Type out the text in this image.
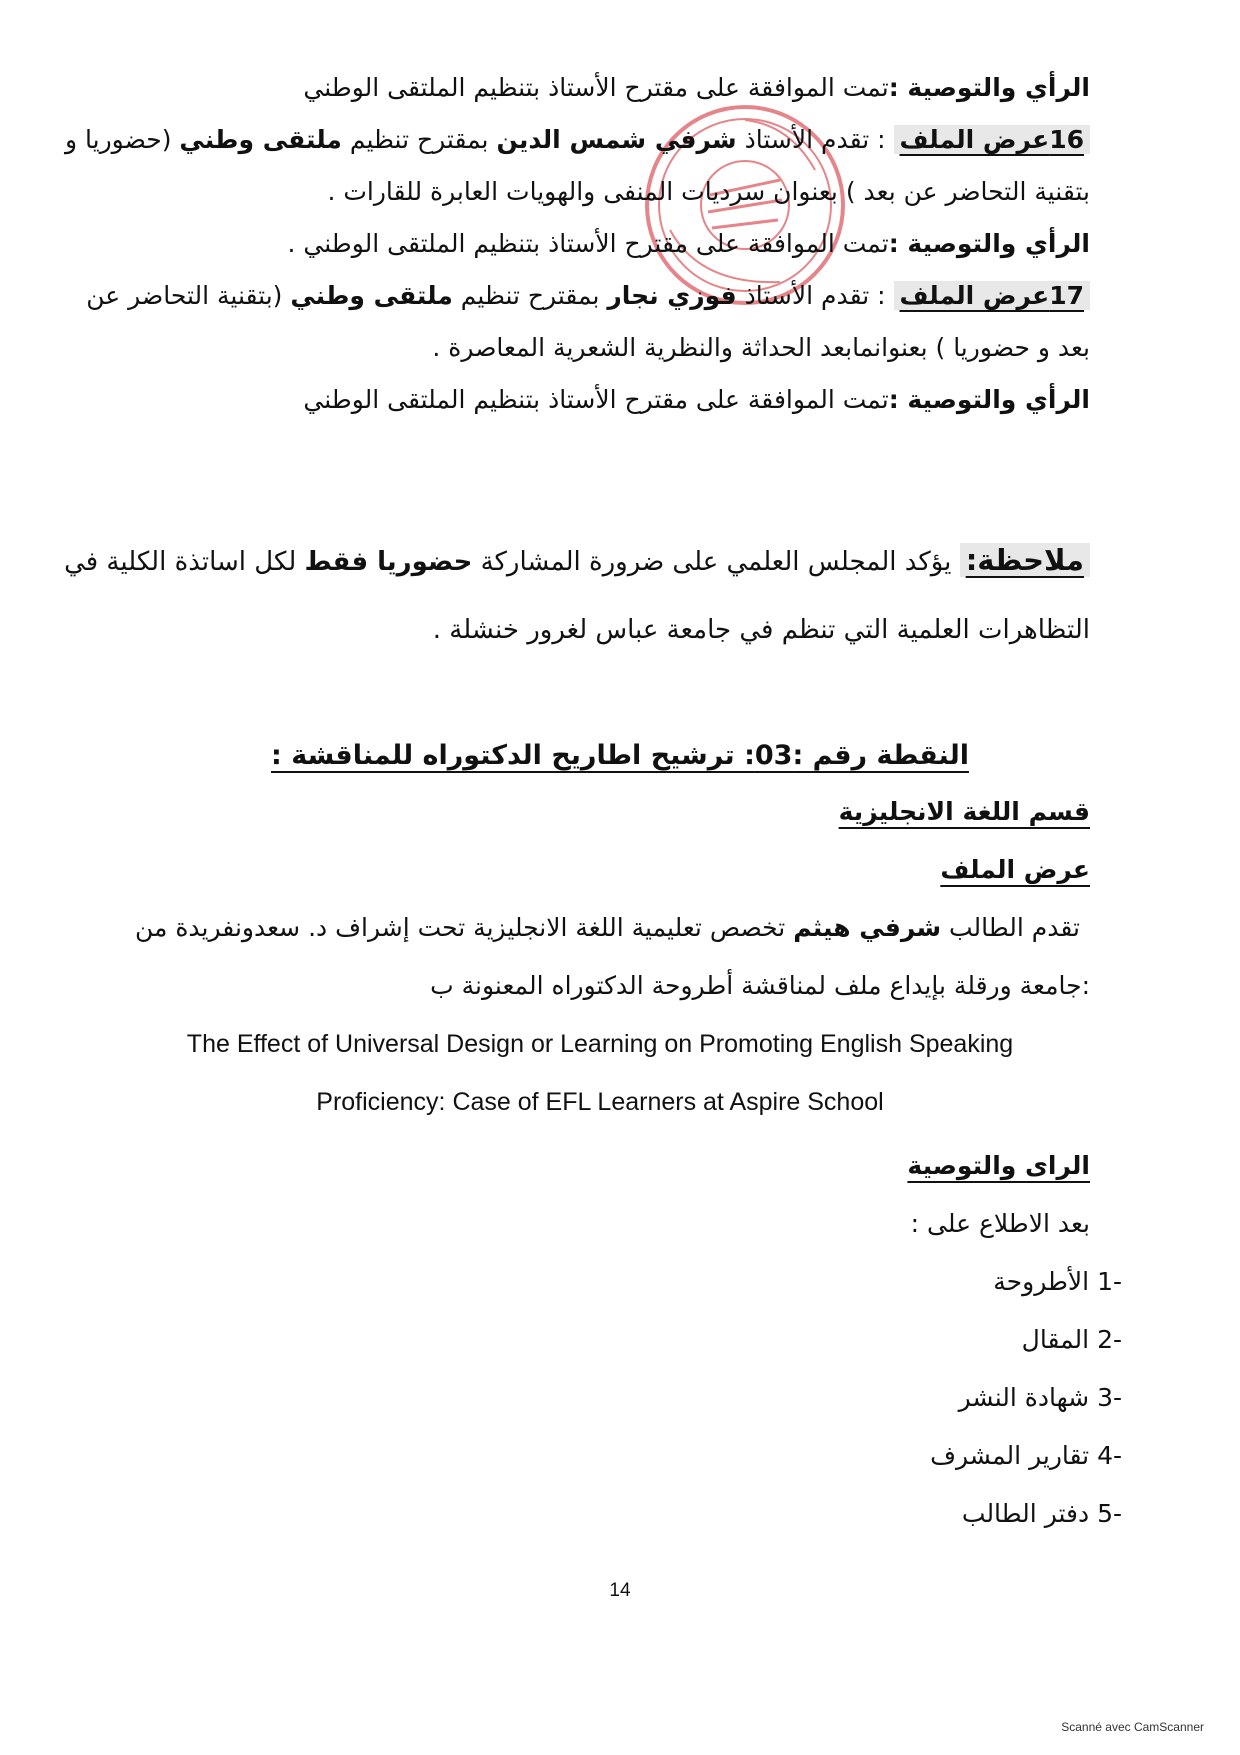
الرأي والتوصية :تمت الموافقة على مقترح الأستاذ بتنظيم الملتقى الوطني
16عرض الملف : تقدم الأستاذ شرفي شمس الدين بمقترح تنظيم ملتقى وطني (حضوريا و
بتقنية التحاضر عن بعد ) بعنوان سرديات المنفى والهويات العابرة للقارات .
الرأي والتوصية :تمت الموافقة على مقترح الأستاذ بتنظيم الملتقى الوطني .
17عرض الملف : تقدم الأستاذ فوزي نجار بمقترح تنظيم ملتقى وطني (بتقنية التحاضر عن
بعد و حضوريا ) بعنوانمابعد الحداثة والنظرية الشعرية المعاصرة .
الرأي والتوصية :تمت الموافقة على مقترح الأستاذ بتنظيم الملتقى الوطني
ملاحظة: يؤكد المجلس العلمي على ضرورة المشاركة حضوريا فقط لكل اساتذة الكلية في
التظاهرات العلمية التي تنظم في جامعة عباس لغرور خنشلة .
النقطة رقم :03: ترشيح اطاريح الدكتوراه للمناقشة :
قسم اللغة الانجليزية
عرض الملف
تقدم الطالب شرفي هيثم تخصص تعليمية اللغة الانجليزية تحت إشراف د. سعدونفريدة من
:جامعة ورقلة بإيداع ملف لمناقشة أطروحة الدكتوراه المعنونة ب
The Effect of Universal Design or Learning on Promoting English Speaking
Proficiency: Case of EFL Learners at Aspire School
الراى والتوصية
بعد الاطلاع على :
-1 الأطروحة
-2 المقال
-3 شهادة النشر
-4 تقارير المشرف
-5 دفتر الطالب
14
Scanné avec CamScanner
